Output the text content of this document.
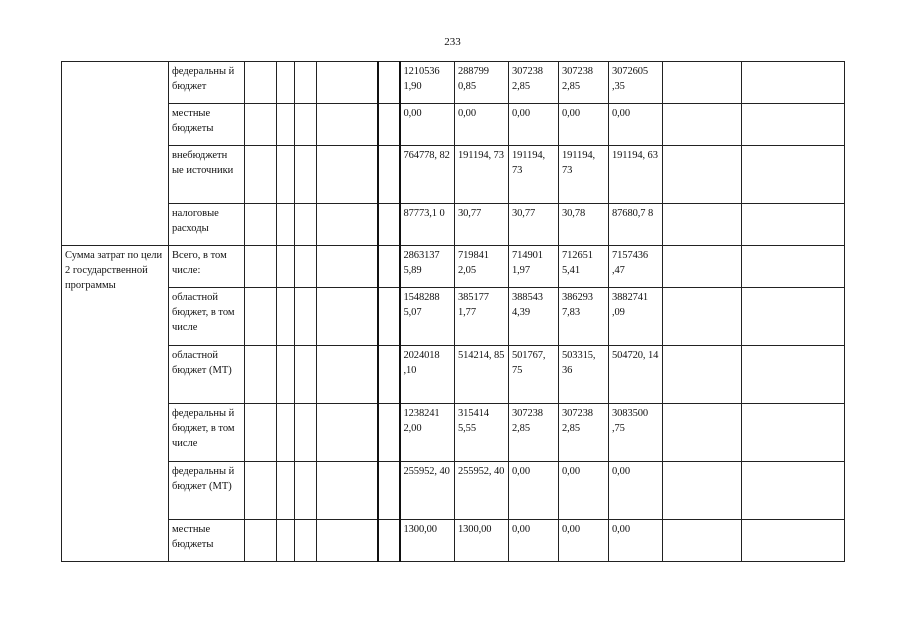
233
	федеральны й бюджет						1210536 1,90	288799 0,85	307238 2,85	307238 2,85	3072605 ,35		
	местные бюджеты						0,00	0,00	0,00	0,00	0,00		
	внебюджетн ые источники						764778, 82	191194, 73	191194, 73	191194, 73	191194, 63		
	налоговые расходы						87773,1 0	30,77	30,77	30,78	87680,7 8		
Сумма затрат по цели 2 государственной программы	Всего, в том числе:						2863137 5,89	719841 2,05	714901 1,97	712651 5,41	7157436 ,47		
	областной бюджет, в том числе						1548288 5,07	385177 1,77	388543 4,39	386293 7,83	3882741 ,09		
	областной бюджет (МТ)						2024018 ,10	514214, 85	501767, 75	503315, 36	504720, 14		
	федеральны й бюджет, в том числе						1238241 2,00	315414 5,55	307238 2,85	307238 2,85	3083500 ,75		
	федеральны й бюджет (МТ)						255952, 40	255952, 40	0,00	0,00	0,00		
	местные бюджеты						1300,00	1300,00	0,00	0,00	0,00		
